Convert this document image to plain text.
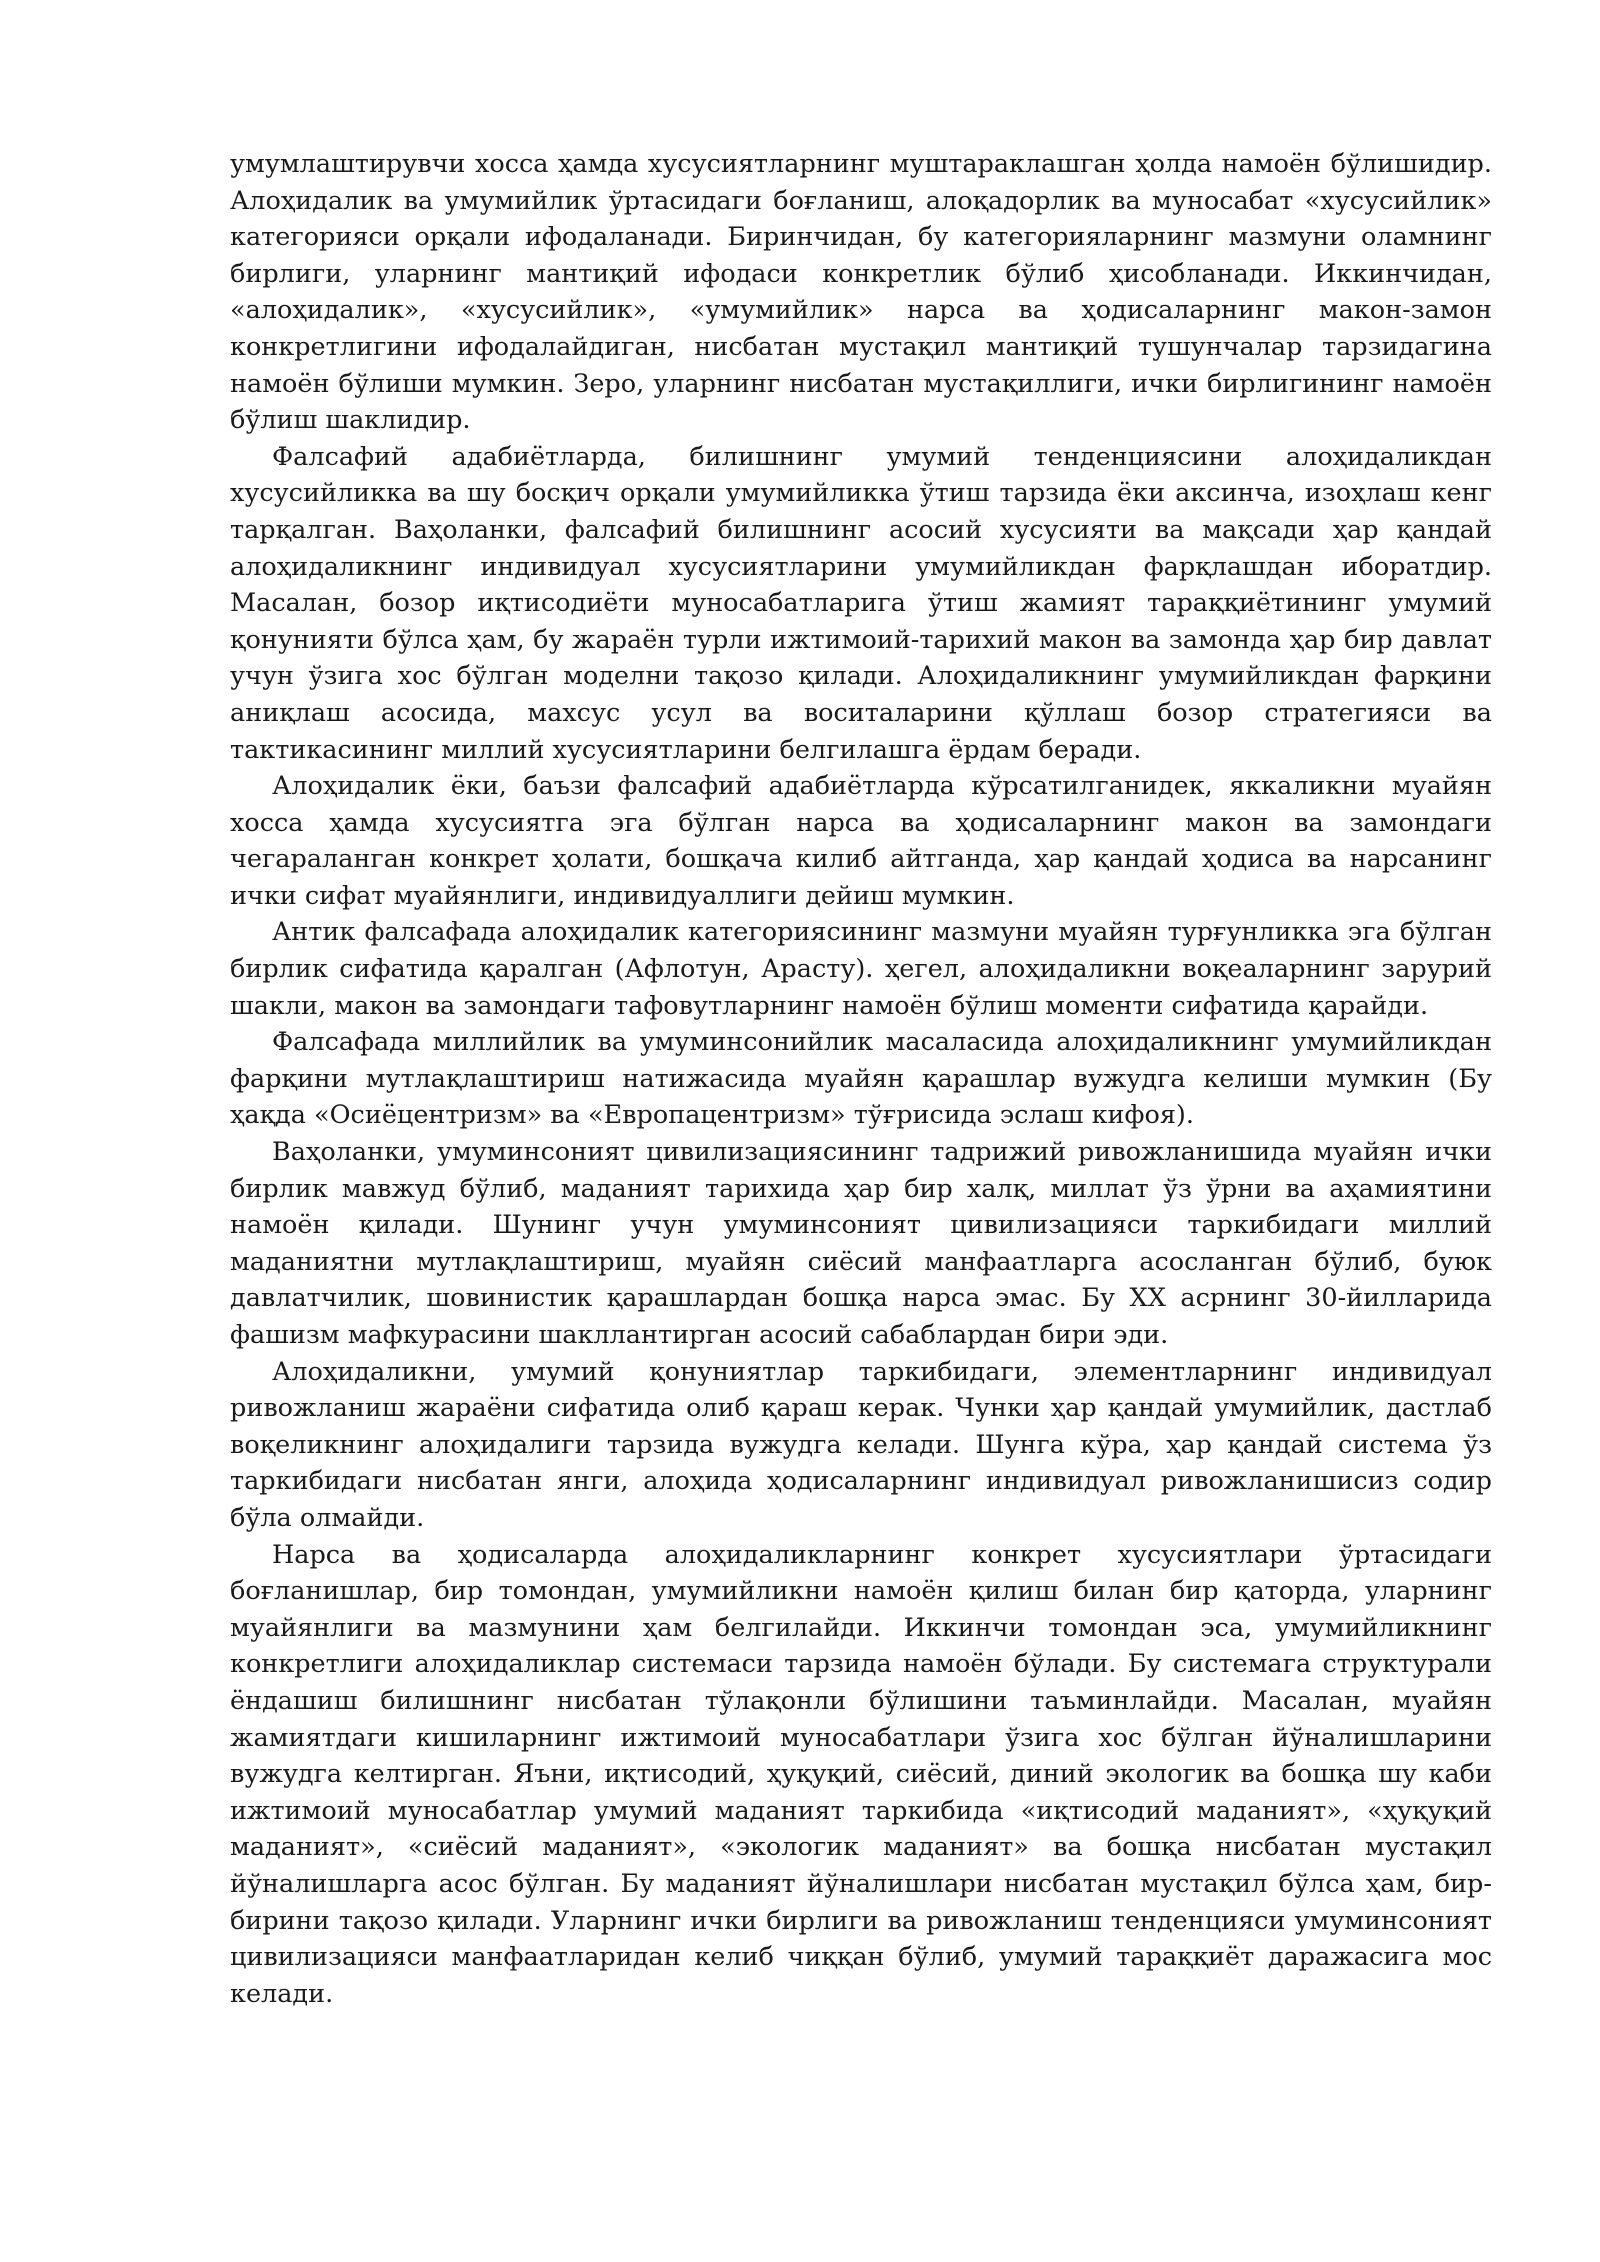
умумлаштирувчи хосса ҳамда хусусиятларнинг муштараклашган ҳолда намоён бўлишидир. Алоҳидалик ва умумийлик ўртасидаги боғланиш, алоқадорлик ва муносабат «хусусийлик» категорияси орқали ифодаланади. Биринчидан, бу категорияларнинг мазмуни оламнинг бирлиги, уларнинг мантиқий ифодаси конкретлик бўлиб ҳисобланади. Иккинчидан, «алоҳидалик», «хусусийлик», «умумийлик» нарса ва ҳодисаларнинг макон-замон конкретлигини ифодалайдиган, нисбатан мустақил мантиқий тушунчалар тарзидагина намоён бўлиши мумкин. Зеро, уларнинг нисбатан мустақиллиги, ички бирлигининг намоён бўлиш шаклидир.

Фалсафий адабиётларда, билишнинг умумий тенденциясини алоҳидаликдан хусусийликка ва шу босқич орқали умумийликка ўтиш тарзида ёки аксинча, изоҳлаш кенг тарқалган. Ваҳоланки, фалсафий билишнинг асосий хусусияти ва мақсади ҳар қандай алоҳидаликнинг индивидуал хусусиятларини умумийликдан фарқлашдан иборатдир. Масалан, бозор иқтисодиёти муносабатларига ўтиш жамият тараққиётининг умумий қонунияти бўлса ҳам, бу жараён турли ижтимоий-тарихий макон ва замонда ҳар бир давлат учун ўзига хос бўлган моделни тақозо қилади. Алоҳидаликнинг умумийликдан фарқини аниқлаш асосида, махсус усул ва воситаларини қўллаш бозор стратегияси ва тактикасининг миллий хусусиятларини белгилашга ёрдам беради.

Алоҳидалик ёки, баъзи фалсафий адабиётларда кўрсатилганидек, яккаликни муайян хосса ҳамда хусусиятга эга бўлган нарса ва ҳодисаларнинг макон ва замондаги чегараланган конкрет ҳолати, бошқача килиб айтганда, ҳар қандай ҳодиса ва нарсанинг ички сифат муайянлиги, индивидуаллиги дейиш мумкин.

Антик фалсафада алоҳидалик категориясининг мазмуни муайян турғунликка эга бўлган бирлик сифатида қаралган (Афлотун, Арасту). ҳегел, алоҳидаликни воқеаларнинг зарурий шакли, макон ва замондаги тафовутларнинг намоён бўлиш моменти сифатида қарайди.

Фалсафада миллийлик ва умуминсонийлик масаласида алоҳидаликнинг умумийликдан фарқини мутлақлаштириш натижасида муайян қарашлар вужудга келиши мумкин (Бу ҳақда «Осиёцентризм» ва «Европацентризм» тўғрисида эслаш кифоя).

Ваҳоланки, умуминсоният цивилизациясининг тадрижий ривожланишида муайян ички бирлик мавжуд бўлиб, маданият тарихида ҳар бир халқ, миллат ўз ўрни ва аҳамиятини намоён қилади. Шунинг учун умуминсоният цивилизацияси таркибидаги миллий маданиятни мутлақлаштириш, муайян сиёсий манфаатларга асосланган бўлиб, буюк давлатчилик, шовинистик қарашлардан бошқа нарса эмас. Бу XX асрнинг 30-йилларида фашизм мафкурасини шакллантирган асосий сабаблардан бири эди.

Алоҳидаликни, умумий қонуниятлар таркибидаги, элементларнинг индивидуал ривожланиш жараёни сифатида олиб қараш керак. Чунки ҳар қандай умумийлик, дастлаб воқеликнинг алоҳидалиги тарзида вужудга келади. Шунга кўра, ҳар қандай система ўз таркибидаги нисбатан янги, алоҳида ҳодисаларнинг индивидуал ривожланишисиз содир бўла олмайди.

Нарса ва ҳодисаларда алоҳидаликларнинг конкрет хусусиятлари ўртасидаги боғланишлар, бир томондан, умумийликни намоён қилиш билан бир қаторда, уларнинг муайянлиги ва мазмунини ҳам белгилайди. Иккинчи томондан эса, умумийликнинг конкретлиги алоҳидаликлар системаси тарзида намоён бўлади. Бу системага структурали ёндашиш билишнинг нисбатан тўлақонли бўлишини таъминлайди. Масалан, муайян жамиятдаги кишиларнинг ижтимоий муносабатлари ўзига хос бўлган йўналишларини вужудга келтирган. Яъни, иқтисодий, ҳуқуқий, сиёсий, диний экологик ва бошқа шу каби ижтимоий муносабатлар умумий маданият таркибида «иқтисодий маданият», «ҳуқуқий маданият», «сиёсий маданият», «экологик маданият» ва бошқа нисбатан мустақил йўналишларга асос бўлган. Бу маданият йўналишлари нисбатан мустақил бўлса ҳам, бир-бирини тақозо қилади. Уларнинг ички бирлиги ва ривожланиш тенденцияси умуминсоният цивилизацияси манфаатларидан келиб чиққан бўлиб, умумий тараққиёт даражасига мос келади.
